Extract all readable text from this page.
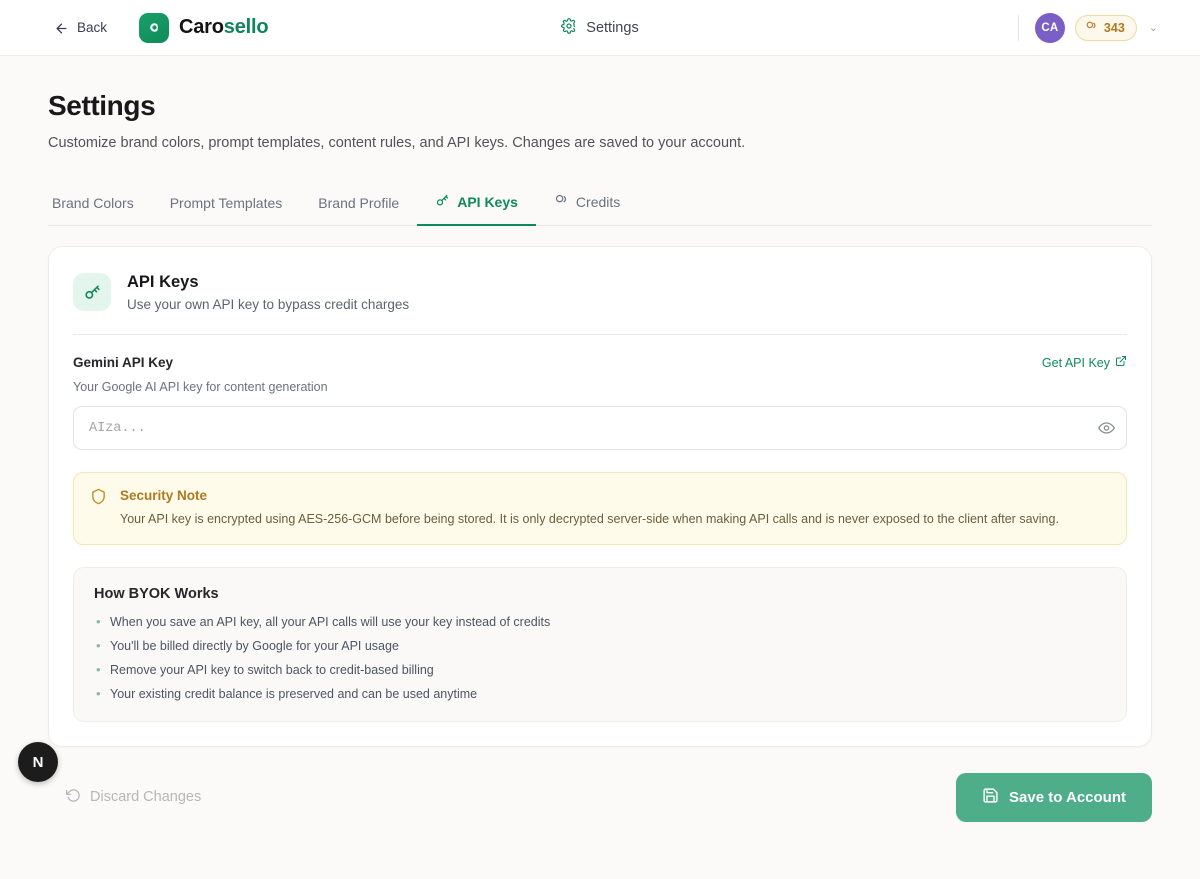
Back	Carosello	Settings	CA	343 ⌄
Settings

Customize brand colors, prompt templates, content rules, and API keys. Changes are saved to your account.

Brand Colors	Prompt Templates	Brand Profile	API Keys	Credits
API Keys
Use your own API key to bypass credit charges
Gemini API Key	Get API Key
Your Google AI API key for content generation
AIza...
Security Note
Your API key is encrypted using AES-256-GCM before being stored. It is only decrypted server-side when making API calls and is never exposed to the client after saving.
How BYOK Works
• When you save an API key, all your API calls will use your key instead of credits
• You'll be billed directly by Google for your API usage
• Remove your API key to switch back to credit-based billing
• Your existing credit balance is preserved and can be used anytime
Discard Changes	Save to Account
N
